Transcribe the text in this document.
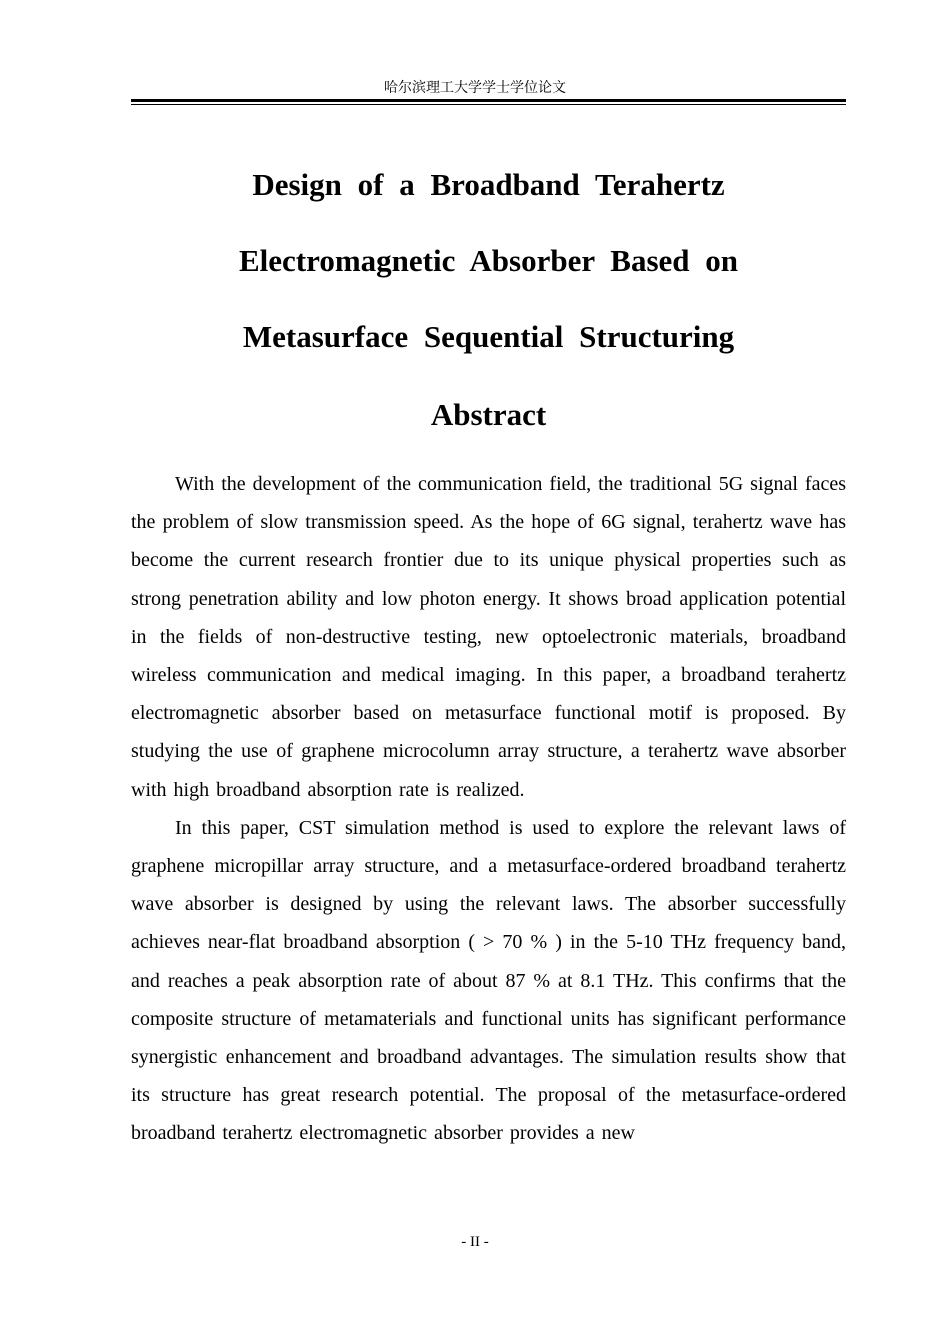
哈尔滨理工大学学士学位论文
Design of a Broadband Terahertz
Electromagnetic Absorber Based on
Metasurface Sequential Structuring
Abstract

With the development of the communication field, the traditional 5G signal faces the problem of slow transmission speed. As the hope of 6G signal, terahertz wave has become the current research frontier due to its unique physical properties such as strong penetration ability and low photon energy. It shows broad application potential in the fields of non-destructive testing, new optoelectronic materials, broadband wireless communication and medical imaging. In this paper, a broadband terahertz electromagnetic absorber based on metasurface functional motif is proposed. By studying the use of graphene microcolumn array structure, a terahertz wave absorber with high broadband absorption rate is realized.

In this paper, CST simulation method is used to explore the relevant laws of graphene micropillar array structure, and a metasurface-ordered broadband terahertz wave absorber is designed by using the relevant laws. The absorber successfully achieves near-flat broadband absorption ( > 70 % ) in the 5-10 THz frequency band, and reaches a peak absorption rate of about 87 % at 8.1 THz. This confirms that the composite structure of metamaterials and functional units has significant performance synergistic enhancement and broadband advantages. The simulation results show that its structure has great research potential. The proposal of the metasurface-ordered broadband terahertz electromagnetic absorber provides a new

- II -
